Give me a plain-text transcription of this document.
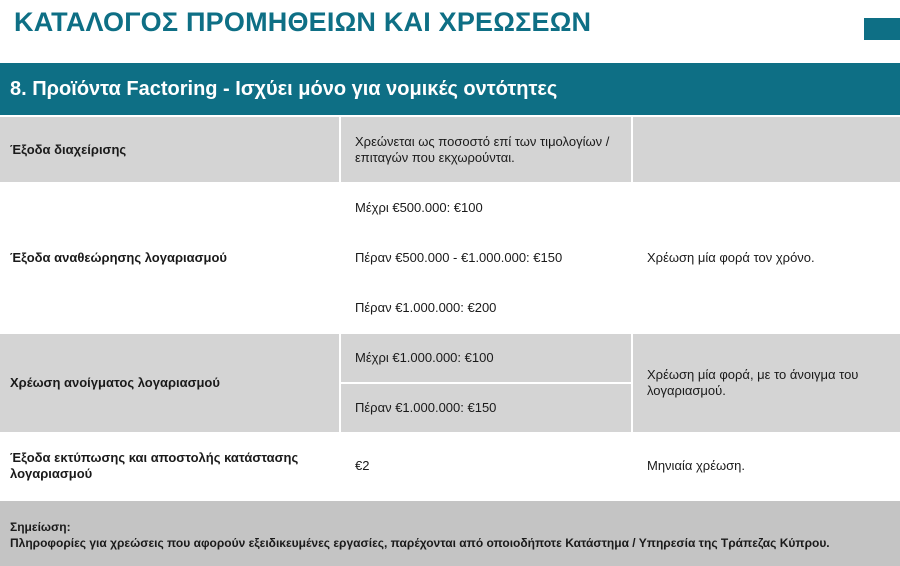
ΚΑΤΑΛΟΓΟΣ ΠΡΟΜΗΘΕΙΩΝ ΚΑΙ ΧΡΕΩΣΕΩΝ
8. Προϊόντα Factoring - Ισχύει μόνο για νομικές οντότητες
Έξοδα διαχείρισης
Χρεώνεται ως ποσοστό επί των τιμολογίων / επιταγών που εκχωρούνται.
Έξοδα αναθεώρησης λογαριασμού
Μέχρι €500.000: €100
Πέραν €500.000 - €1.000.000: €150
Πέραν €1.000.000: €200
Χρέωση μία φορά τον χρόνο.
Χρέωση ανοίγματος λογαριασμού
Μέχρι €1.000.000: €100
Πέραν €1.000.000: €150
Χρέωση μία φορά, με το άνοιγμα του λογαριασμού.
Έξοδα εκτύπωσης και αποστολής κατάστασης λογαριασμού
€2	Μηνιαία χρέωση.
Σημείωση:
Πληροφορίες για χρεώσεις που αφορούν εξειδικευμένες εργασίες, παρέχονται από οποιοδήποτε Κατάστημα / Υπηρεσία της Τράπεζας Κύπρου.
